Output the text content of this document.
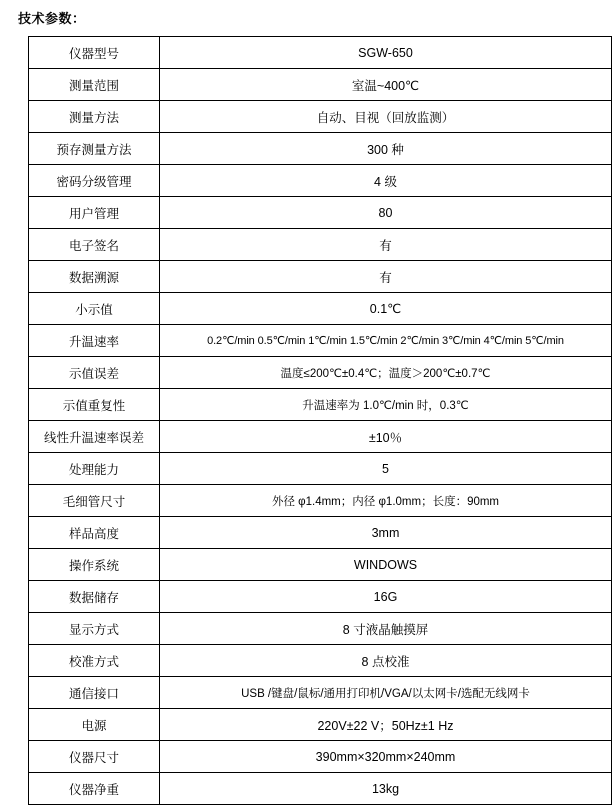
技术参数：
仪器型号	SGW-650
测量范围	室温~400℃
测量方法	自动、目视（回放监测）
预存测量方法	300 种
密码分级管理	4 级
用户管理	80
电子签名	有
数据溯源	有
小示值	0.1℃
升温速率	0.2℃/min 0.5℃/min 1℃/min 1.5℃/min 2℃/min 3℃/min 4℃/min 5℃/min
示值误差	温度≤200℃±0.4℃；温度＞200℃±0.7℃
示值重复性	升温速率为 1.0℃/min 时，0.3℃
线性升温速率误差	±10％
处理能力	5
毛细管尺寸	外径 φ1.4mm；内径 φ1.0mm；长度：90mm
样品高度	3mm
操作系统	WINDOWS
数据储存	16G
显示方式	8 寸液晶触摸屏
校准方式	8 点校准
通信接口	USB /键盘/鼠标/通用打印机/VGA/以太网卡/选配无线网卡
电源	220V±22 V；50Hz±1 Hz
仪器尺寸	390mm×320mm×240mm
仪器净重	13kg
